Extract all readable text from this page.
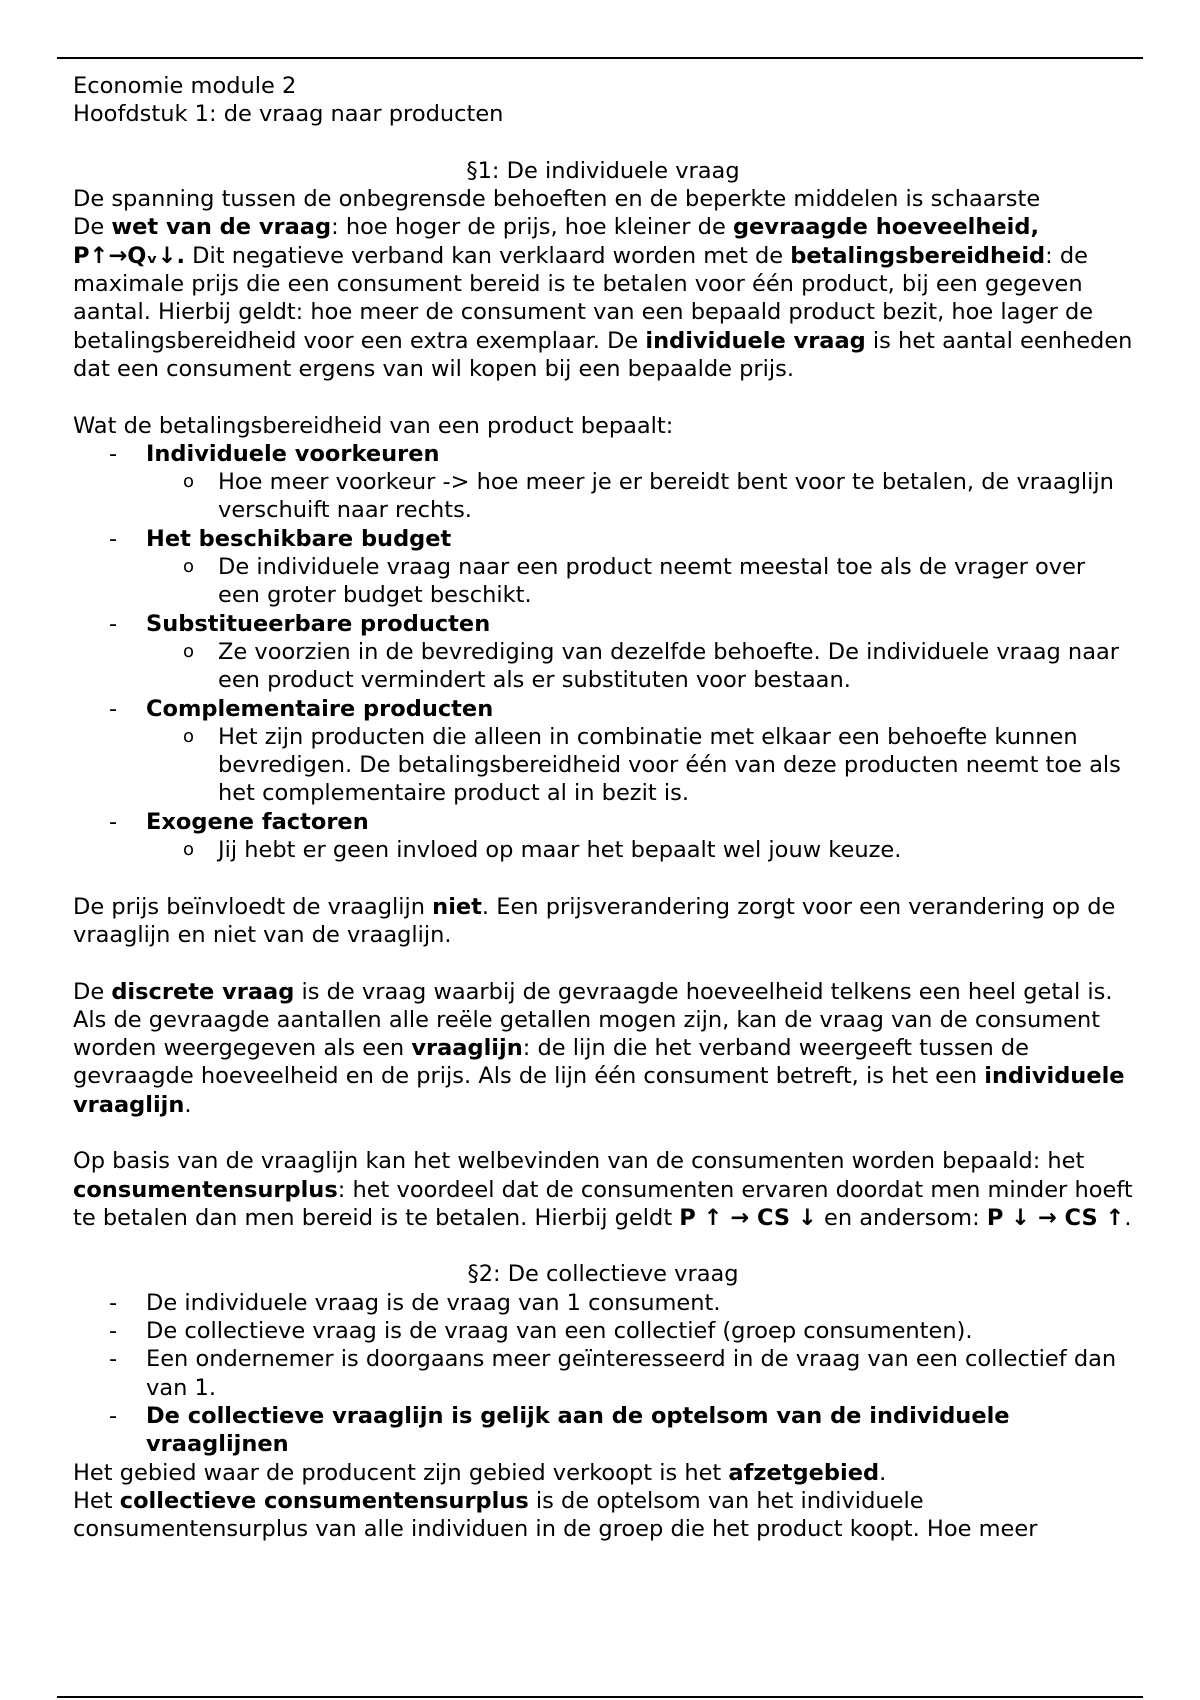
Economie module 2

Hoofdstuk 1: de vraag naar producten

§1: De individuele vraag

De spanning tussen de onbegrensde behoeften en de beperkte middelen is schaarste
De wet van de vraag: hoe hoger de prijs, hoe kleiner de gevraagde hoeveelheid, P↑→Qᵥ↓. Dit negatieve verband kan verklaard worden met de betalingsbereidheid: de maximale prijs die een consument bereid is te betalen voor één product, bij een gegeven aantal. Hierbij geldt: hoe meer de consument van een bepaald product bezit, hoe lager de betalingsbereidheid voor een extra exemplaar. De individuele vraag is het aantal eenheden dat een consument ergens van wil kopen bij een bepaalde prijs.

Wat de betalingsbereidheid van een product bepaalt:

- Individuele voorkeuren
o Hoe meer voorkeur -> hoe meer je er bereidt bent voor te betalen, de vraaglijn verschuift naar rechts.
- Het beschikbare budget
o De individuele vraag naar een product neemt meestal toe als de vrager over een groter budget beschikt.
- Substitueerbare producten
o Ze voorzien in de bevrediging van dezelfde behoefte. De individuele vraag naar een product vermindert als er substituten voor bestaan.
- Complementaire producten
o Het zijn producten die alleen in combinatie met elkaar een behoefte kunnen bevredigen. De betalingsbereidheid voor één van deze producten neemt toe als het complementaire product al in bezit is.
- Exogene factoren
o Jij hebt er geen invloed op maar het bepaalt wel jouw keuze.

De prijs beïnvloedt de vraaglijn niet. Een prijsverandering zorgt voor een verandering op de vraaglijn en niet van de vraaglijn.

De discrete vraag is de vraag waarbij de gevraagde hoeveelheid telkens een heel getal is. Als de gevraagde aantallen alle reële getallen mogen zijn, kan de vraag van de consument worden weergegeven als een vraaglijn: de lijn die het verband weergeeft tussen de gevraagde hoeveelheid en de prijs. Als de lijn één consument betreft, is het een individuele vraaglijn.

Op basis van de vraaglijn kan het welbevinden van de consumenten worden bepaald: het consumentensurplus: het voordeel dat de consumenten ervaren doordat men minder hoeft te betalen dan men bereid is te betalen. Hierbij geldt P ↑ → CS ↓ en andersom: P ↓ → CS ↑.

§2: De collectieve vraag

- De individuele vraag is de vraag van 1 consument.
- De collectieve vraag is de vraag van een collectief (groep consumenten).
- Een ondernemer is doorgaans meer geïnteresseerd in de vraag van een collectief dan van 1.
- De collectieve vraaglijn is gelijk aan de optelsom van de individuele vraaglijnen

Het gebied waar de producent zijn gebied verkoopt is het afzetgebied.

Het collectieve consumentensurplus is de optelsom van het individuele consumentensurplus van alle individuen in de groep die het product koopt. Hoe meer
